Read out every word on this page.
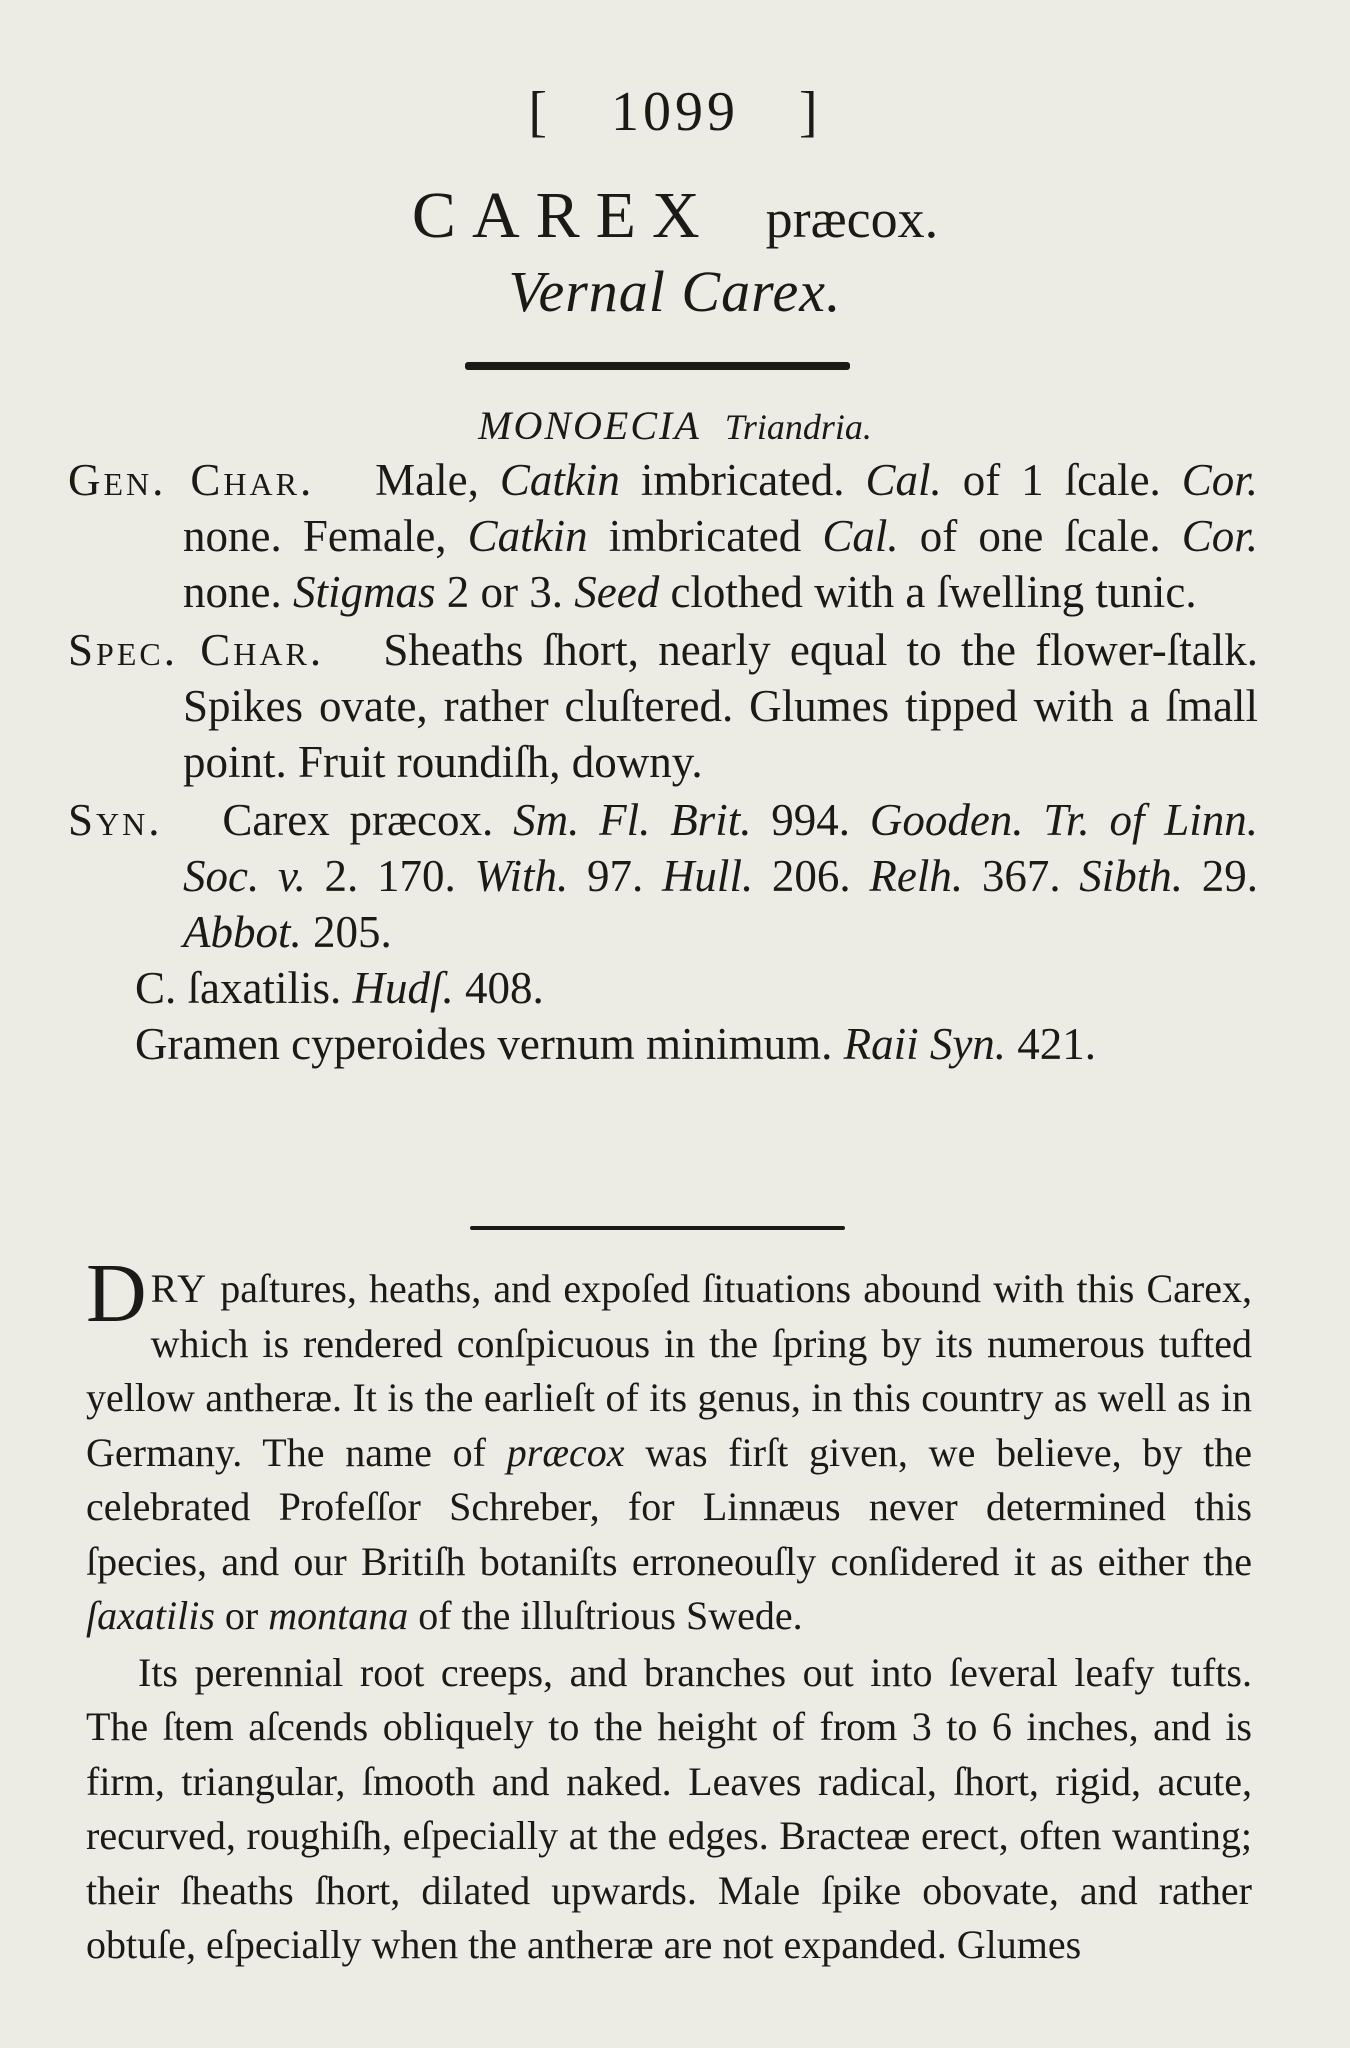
[ 1099 ]
CAREX præcox.
Vernal Carex.
MONOECIA Triandria.
Gen. Char. Male, Catkin imbricated. Cal. of 1 ſcale. Cor. none. Female, Catkin imbricated Cal. of one ſcale. Cor. none. Stigmas 2 or 3. Seed clothed with a ſwelling tunic.
Spec. Char. Sheaths ſhort, nearly equal to the flower-ſtalk. Spikes ovate, rather cluſtered. Glumes tipped with a ſmall point. Fruit roundiſh, downy.
Syn. Carex præcox. Sm. Fl. Brit. 994. Gooden. Tr. of Linn. Soc. v. 2. 170. With. 97. Hull. 206. Relh. 367. Sibth. 29. Abbot. 205.
C. ſaxatilis. Hudſ. 408.
Gramen cyperoides vernum minimum. Raii Syn. 421.

DRY paſtures, heaths, and expoſed ſituations abound with this Carex, which is rendered conſpicuous in the ſpring by its numerous tufted yellow antheræ. It is the earlieſt of its genus, in this country as well as in Germany. The name of præcox was firſt given, we believe, by the celebrated Profeſſor Schreber, for Linnæus never determined this ſpecies, and our Britiſh botaniſts erroneouſly conſidered it as either the ſaxatilis or montana of the illuſtrious Swede.

Its perennial root creeps, and branches out into ſeveral leafy tufts. The ſtem aſcends obliquely to the height of from 3 to 6 inches, and is firm, triangular, ſmooth and naked. Leaves radical, ſhort, rigid, acute, recurved, roughiſh, eſpecially at the edges. Bracteæ erect, often wanting; their ſheaths ſhort, dilated upwards. Male ſpike obovate, and rather obtuſe, eſpecially when the antheræ are not expanded. Glumes
